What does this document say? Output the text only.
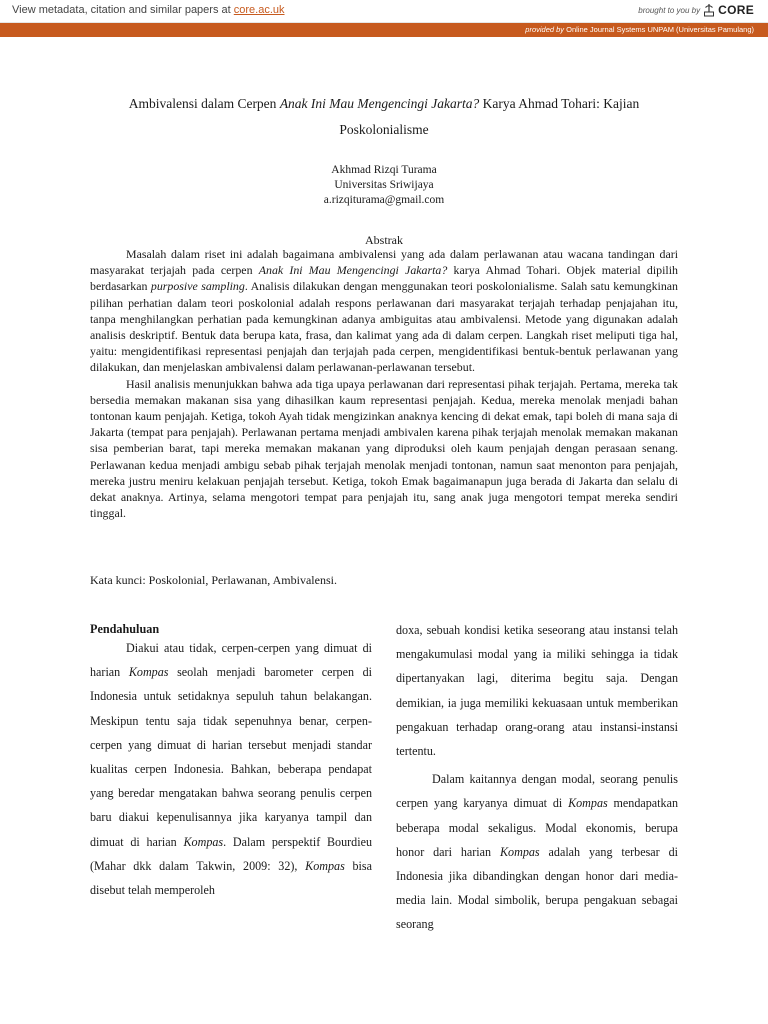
View metadata, citation and similar papers at core.ac.uk	brought to you by CORE
provided by Online Journal Systems UNPAM (Universitas Pamulang)
Ambivalensi dalam Cerpen Anak Ini Mau Mengencingi Jakarta? Karya Ahmad Tohari: Kajian Poskolonialisme
Akhmad Rizqi Turama
Universitas Sriwijaya
a.rizqiturama@gmail.com
Abstrak

Masalah dalam riset ini adalah bagaimana ambivalensi yang ada dalam perlawanan atau wacana tandingan dari masyarakat terjajah pada cerpen Anak Ini Mau Mengencingi Jakarta? karya Ahmad Tohari. Objek material dipilih berdasarkan purposive sampling. Analisis dilakukan dengan menggunakan teori poskolonialisme. Salah satu kemungkinan pilihan perhatian dalam teori poskolonial adalah respons perlawanan dari masyarakat terjajah terhadap penjajahan itu, tanpa menghilangkan perhatian pada kemungkinan adanya ambiguitas atau ambivalensi. Metode yang digunakan adalah analisis deskriptif. Bentuk data berupa kata, frasa, dan kalimat yang ada di dalam cerpen. Langkah riset meliputi tiga hal, yaitu: mengidentifikasi representasi penjajah dan terjajah pada cerpen, mengidentifikasi bentuk-bentuk perlawanan yang dilakukan, dan menjelaskan ambivalensi dalam perlawanan-perlawanan tersebut.

Hasil analisis menunjukkan bahwa ada tiga upaya perlawanan dari representasi pihak terjajah. Pertama, mereka tak bersedia memakan makanan sisa yang dihasilkan kaum representasi penjajah. Kedua, mereka menolak menjadi bahan tontonan kaum penjajah. Ketiga, tokoh Ayah tidak mengizinkan anaknya kencing di dekat emak, tapi boleh di mana saja di Jakarta (tempat para penjajah). Perlawanan pertama menjadi ambivalen karena pihak terjajah menolak memakan makanan sisa pemberian barat, tapi mereka memakan makanan yang diproduksi oleh kaum penjajah dengan perasaan senang. Perlawanan kedua menjadi ambigu sebab pihak terjajah menolak menjadi tontonan, namun saat menonton para penjajah, mereka justru meniru kelakuan penjajah tersebut. Ketiga, tokoh Emak bagaimanapun juga berada di Jakarta dan selalu di dekat anaknya. Artinya, selama mengotori tempat para penjajah itu, sang anak juga mengotori tempat mereka sendiri tinggal.

Kata kunci: Poskolonial, Perlawanan, Ambivalensi.
Pendahuluan

Diakui atau tidak, cerpen-cerpen yang dimuat di harian Kompas seolah menjadi barometer cerpen di Indonesia untuk setidaknya sepuluh tahun belakangan. Meskipun tentu saja tidak sepenuhnya benar, cerpen-cerpen yang dimuat di harian tersebut menjadi standar kualitas cerpen Indonesia. Bahkan, beberapa pendapat yang beredar mengatakan bahwa seorang penulis cerpen baru diakui kepenulisannya jika karyanya tampil dan dimuat di harian Kompas. Dalam perspektif Bourdieu (Mahar dkk dalam Takwin, 2009: 32), Kompas bisa disebut telah memperoleh

doxa, sebuah kondisi ketika seseorang atau instansi telah mengakumulasi modal yang ia miliki sehingga ia tidak dipertanyakan lagi, diterima begitu saja. Dengan demikian, ia juga memiliki kekuasaan untuk memberikan pengakuan terhadap orang-orang atau instansi-instansi tertentu.

Dalam kaitannya dengan modal, seorang penulis cerpen yang karyanya dimuat di Kompas mendapatkan beberapa modal sekaligus. Modal ekonomis, berupa honor dari harian Kompas adalah yang terbesar di Indonesia jika dibandingkan dengan honor dari media-media lain. Modal simbolik, berupa pengakuan sebagai seorang
